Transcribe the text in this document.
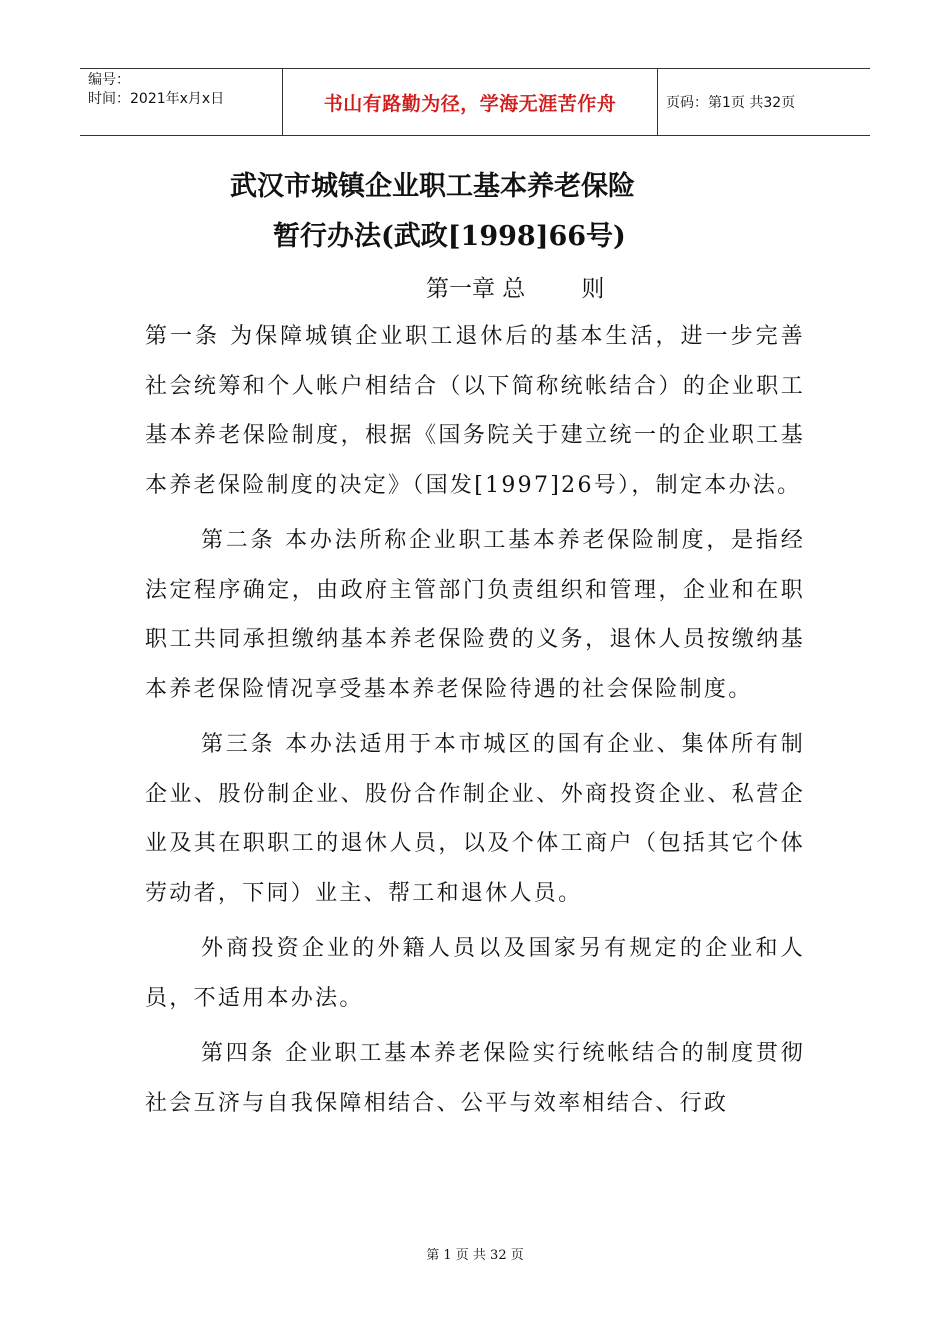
编号：
时间：2021年x月x日	书山有路勤为径，学海无涯苦作舟	页码：第1页 共32页
武汉市城镇企业职工基本养老保险
暂行办法(武政[1998]66号)
第一章 总 则

第一条 为保障城镇企业职工退休后的基本生活，进一步完善社会统筹和个人帐户相结合（以下简称统帐结合）的企业职工基本养老保险制度，根据《国务院关于建立统一的企业职工基本养老保险制度的决定》（国发[1997]26号），制定本办法。

第二条 本办法所称企业职工基本养老保险制度，是指经法定程序确定，由政府主管部门负责组织和管理，企业和在职职工共同承担缴纳基本养老保险费的义务，退休人员按缴纳基本养老保险情况享受基本养老保险待遇的社会保险制度。

第三条 本办法适用于本市城区的国有企业、集体所有制企业、股份制企业、股份合作制企业、外商投资企业、私营企业及其在职职工的退休人员，以及个体工商户（包括其它个体劳动者，下同）业主、帮工和退休人员。

外商投资企业的外籍人员以及国家另有规定的企业和人员，不适用本办法。

第四条 企业职工基本养老保险实行统帐结合的制度贯彻社会互济与自我保障相结合、公平与效率相结合、行政

第 1 页 共 32 页
